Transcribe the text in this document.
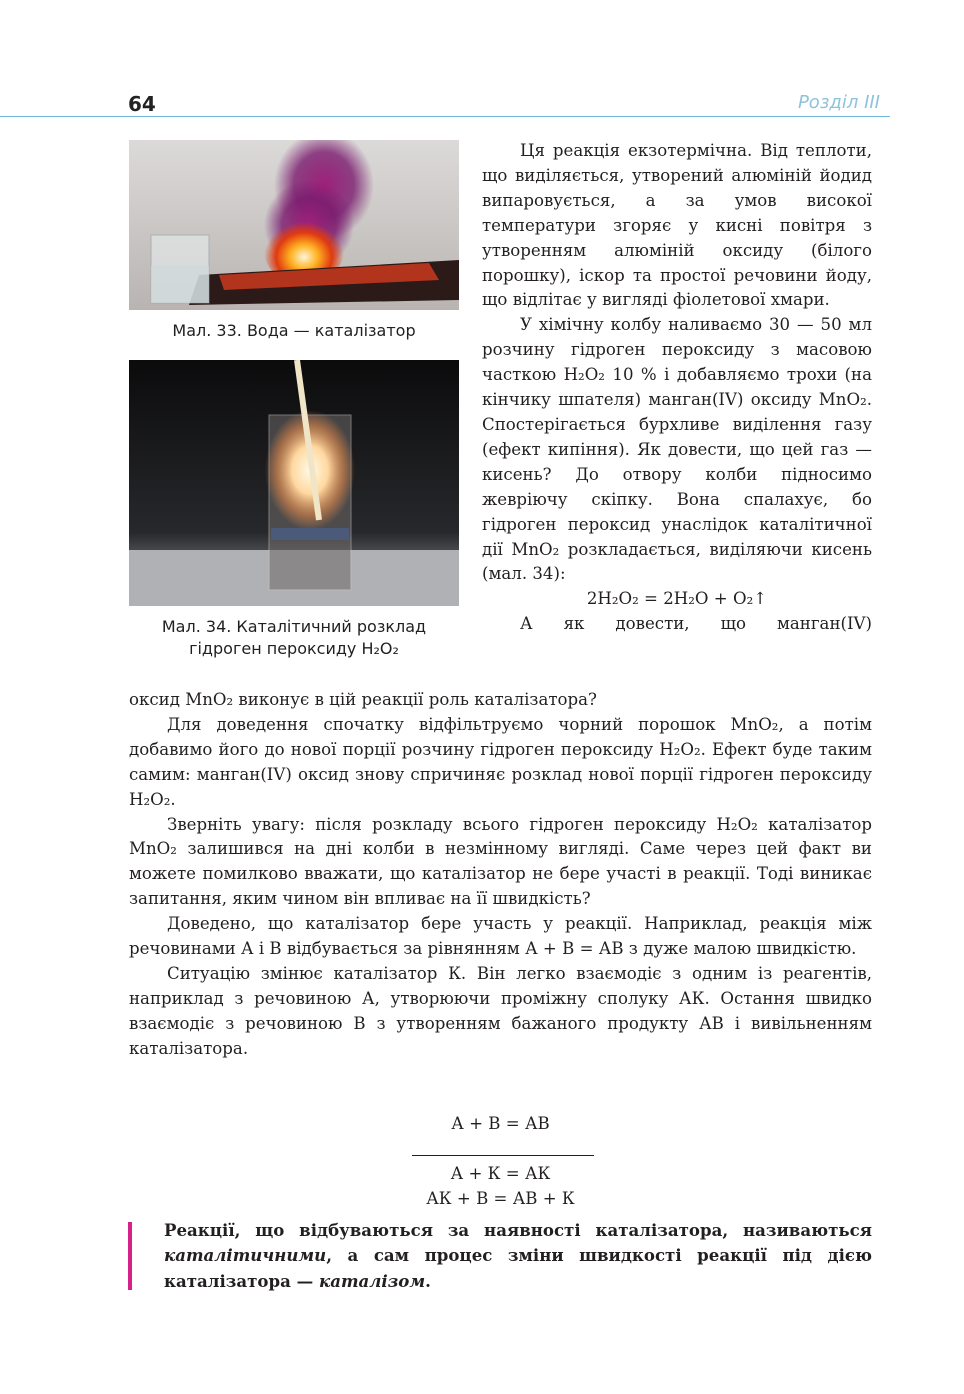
64	Розділ III
Мал. 33. Вода — каталізатор
Мал. 34. Каталітичний розклад
гідроген пероксиду H₂O₂

Ця реакція екзотермічна. Від теплоти, що виділяється, утворений алюміній йодид випаровується, а за умов високої температури згоряє у кисні повітря з утворенням алюміній оксиду (білого порошку), іскор та простої речовини йоду, що відлітає у вигляді фіолетової хмари.

У хімічну колбу наливаємо 30 — 50 мл розчину гідроген пероксиду з масовою часткою H₂O₂ 10 % і добавляємо трохи (на кінчику шпателя) манган(IV) оксиду MnO₂. Спостерігається бурхливе виділення газу (ефект кипіння). Як довести, що цей газ — кисень? До отвору колби підносимо жевріючу скіпку. Вона спалахує, бо гідроген пероксид унаслідок каталітичної дії MnO₂ розкладається, виділяючи кисень (мал. 34):

2H₂O₂ = 2H₂O + O₂↑

А як довести, що манган(IV)

оксид MnO₂ виконує в цій реакції роль каталізатора?

Для доведення спочатку відфільтруємо чорний порошок MnO₂, а потім добавимо його до нової порції розчину гідроген пероксиду H₂O₂. Ефект буде таким самим: манган(IV) оксид знову спричиняє розклад нової порції гідроген пероксиду H₂O₂.

Зверніть увагу: після розкладу всього гідроген пероксиду H₂O₂ каталізатор MnO₂ залишився на дні колби в незмінному вигляді. Саме через цей факт ви можете помилково вважати, що каталізатор не бере участі в реакції. Тоді виникає запитання, яким чином він впливає на її швидкість?

Доведено, що каталізатор бере участь у реакції. Наприклад, реакція між речовинами А і В відбувається за рівнянням А + В = АВ з дуже малою швидкістю.

Ситуацію змінює каталізатор К. Він легко взаємодіє з одним із реагентів, наприклад з речовиною А, утворюючи проміжну сполуку АК. Остання швидко взаємодіє з речовиною В з утворенням бажаного продукту АВ і вивільненням каталізатора.

А + В = АВ
А + К = АК
АК + В = АВ + К
Реакції, що відбуваються за наявності каталізатора, називаються каталітичними, а сам процес зміни швидкості реакції під дією каталізатора — каталізом.
